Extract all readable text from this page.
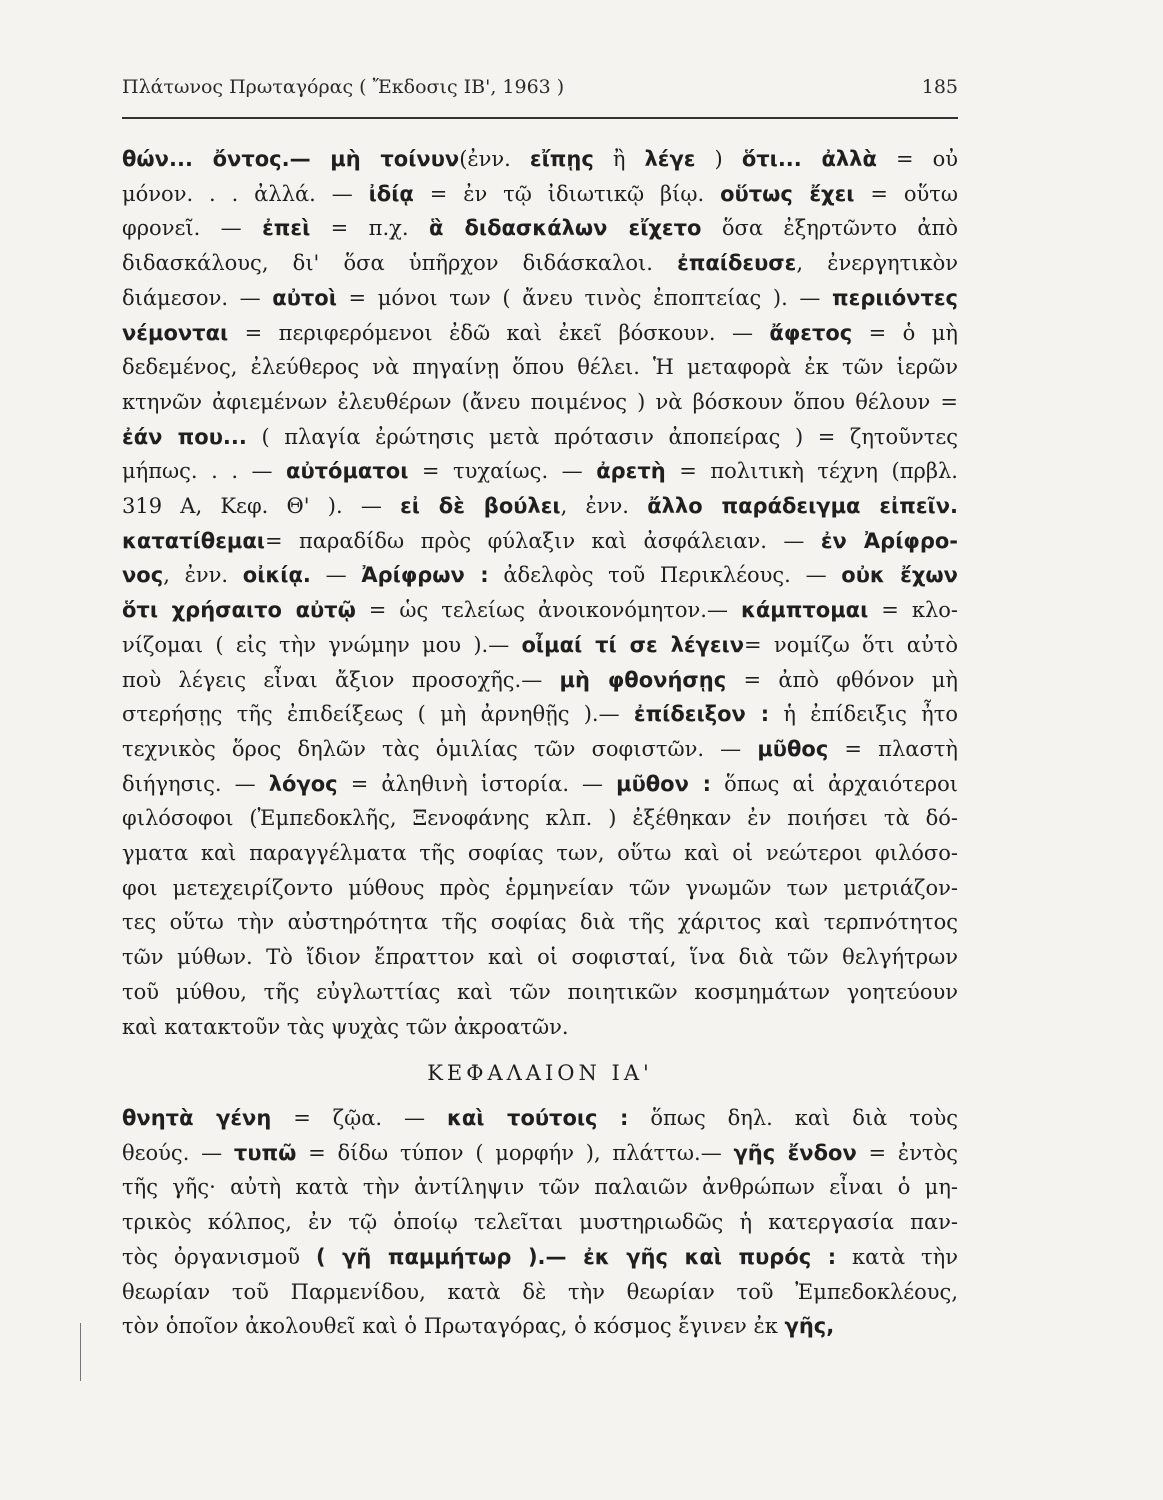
Πλάτωνος Πρωταγόρας ( Ἔκδοσις ΙΒ', 1963 )	185
θών... ὄντος.— μὴ τοίνυν(ἐνν. εἴπῃς ἢ λέγε ) ὅτι... ἀλλὰ = οὐ
μόνον. . . ἀλλά. — ἰδίᾳ = ἐν τῷ ἰδιωτικῷ βίῳ. οὕτως ἔχει = οὕτω
φρονεῖ. — ἐπεὶ = π.χ. ἃ διδασκάλων εἴχετο ὅσα ἐξηρτῶντο ἀπὸ
διδασκάλους, δι' ὅσα ὑπῆρχον διδάσκαλοι. ἐπαίδευσε, ἐνεργητικὸν
διάμεσον. — αὐτοὶ = μόνοι των ( ἄνευ τινὸς ἐποπτείας ). — περιιόντες
νέμονται = περιφερόμενοι ἐδῶ καὶ ἐκεῖ βόσκουν. — ἄφετος = ὁ μὴ
δεδεμένος, ἐλεύθερος νὰ πηγαίνῃ ὅπου θέλει. Ἡ μεταφορὰ ἐκ τῶν ἱερῶν
κτηνῶν ἀφιεμένων ἐλευθέρων (ἄνευ ποιμένος ) νὰ βόσκουν ὅπου θέλουν =
ἐάν που... ( πλαγία ἐρώτησις μετὰ πρότασιν ἀποπείρας ) = ζητοῦντες
μήπως. . . — αὐτόματοι = τυχαίως. — ἀρετὴ = πολιτικὴ τέχνη (πρβλ.
319 Α, Κεφ. Θ' ). — εἰ δὲ βούλει, ἐνν. ἄλλο παράδειγμα εἰπεῖν.
κατατίθεμαι= παραδίδω πρὸς φύλαξιν καὶ ἀσφάλειαν. — ἐν Ἀρίφρο-
νος, ἐνν. οἰκίᾳ. — Ἀρίφρων : ἀδελφὸς τοῦ Περικλέους. — οὐκ ἔχων
ὅτι χρήσαιτο αὐτῷ = ὡς τελείως ἀνοικονόμητον.— κάμπτομαι = κλο-
νίζομαι ( εἰς τὴν γνώμην μου ).— οἶμαί τί σε λέγειν= νομίζω ὅτι αὐτὸ
ποὺ λέγεις εἶναι ἄξιον προσοχῆς.— μὴ φθονήσῃς = ἀπὸ φθόνον μὴ
στερήσῃς τῆς ἐπιδείξεως ( μὴ ἀρνηθῇς ).— ἐπίδειξον : ἡ ἐπίδειξις ἦτο
τεχνικὸς ὅρος δηλῶν τὰς ὁμιλίας τῶν σοφιστῶν. — μῦθος = πλαστὴ
διήγησις. — λόγος = ἀληθινὴ ἱστορία. — μῦθον : ὅπως αἱ ἀρχαιότεροι
φιλόσοφοι (Ἐμπεδοκλῆς, Ξενοφάνης κλπ. ) ἐξέθηκαν ἐν ποιήσει τὰ δό-
γματα καὶ παραγγέλματα τῆς σοφίας των, οὕτω καὶ οἱ νεώτεροι φιλόσο-
φοι μετεχειρίζοντο μύθους πρὸς ἑρμηνείαν τῶν γνωμῶν των μετριάζον-
τες οὕτω τὴν αὐστηρότητα τῆς σοφίας διὰ τῆς χάριτος καὶ τερπνότητος
τῶν μύθων. Τὸ ἴδιον ἔπραττον καὶ οἱ σοφισταί, ἵνα διὰ τῶν θελγήτρων
τοῦ μύθου, τῆς εὐγλωττίας καὶ τῶν ποιητικῶν κοσμημάτων γοητεύουν
καὶ κατακτοῦν τὰς ψυχὰς τῶν ἀκροατῶν.
ΚΕΦΑΛΑΙΟΝ ΙΑ'
θνητὰ γένη = ζῷα. — καὶ τούτοις : ὅπως δηλ. καὶ διὰ τοὺς
θεούς. — τυπῶ = δίδω τύπον ( μορφήν ), πλάττω.— γῆς ἔνδον = ἐντὸς
τῆς γῆς· αὐτὴ κατὰ τὴν ἀντίληψιν τῶν παλαιῶν ἀνθρώπων εἶναι ὁ μη-
τρικὸς κόλπος, ἐν τῷ ὁποίῳ τελεῖται μυστηριωδῶς ἡ κατεργασία παν-
τὸς ὀργανισμοῦ ( γῆ παμμήτωρ ).— ἐκ γῆς καὶ πυρός : κατὰ τὴν
θεωρίαν τοῦ Παρμενίδου, κατὰ δὲ τὴν θεωρίαν τοῦ Ἐμπεδοκλέους,
τὸν ὁποῖον ἀκολουθεῖ καὶ ὁ Πρωταγόρας, ὁ κόσμος ἔγινεν ἐκ γῆς,
